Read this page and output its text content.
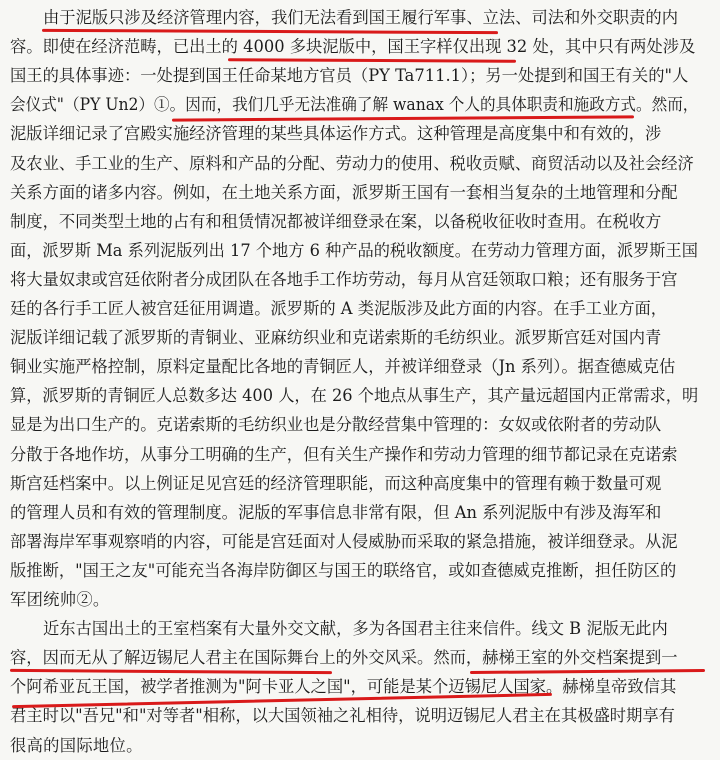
由于泥版只涉及经济管理内容，我们无法看到国王履行军事、立法、司法和外交职责的内
容。即使在经济范畴，已出土的 4000 多块泥版中，国王字样仅出现 32 处，其中只有两处涉及
国王的具体事迹：一处提到国王任命某地方官员（PY Ta711.1）；另一处提到和国王有关的"人
会仪式"（PY Un2）①。因而，我们几乎无法准确了解 wanax 个人的具体职责和施政方式。然而，
泥版详细记录了宫殿实施经济管理的某些具体运作方式。这种管理是高度集中和有效的，涉
及农业、手工业的生产、原料和产品的分配、劳动力的使用、税收贡赋、商贸活动以及社会经济
关系方面的诸多内容。例如，在土地关系方面，派罗斯王国有一套相当复杂的土地管理和分配
制度，不同类型土地的占有和租赁情况都被详细登录在案，以备税收征收时查用。在税收方
面，派罗斯 Ma 系列泥版列出 17 个地方 6 种产品的税收额度。在劳动力管理方面，派罗斯王国
将大量奴隶或宫廷依附者分成团队在各地手工作坊劳动，每月从宫廷领取口粮；还有服务于宫
廷的各行手工匠人被宫廷征用调遣。派罗斯的 A 类泥版涉及此方面的内容。在手工业方面，
泥版详细记载了派罗斯的青铜业、亚麻纺织业和克诺索斯的毛纺织业。派罗斯宫廷对国内青
铜业实施严格控制，原料定量配比各地的青铜匠人，并被详细登录（Jn 系列）。据查德威克估
算，派罗斯的青铜匠人总数多达 400 人，在 26 个地点从事生产，其产量远超国内正常需求，明
显是为出口生产的。克诺索斯的毛纺织业也是分散经营集中管理的：女奴或依附者的劳动队
分散于各地作坊，从事分工明确的生产，但有关生产操作和劳动力管理的细节都记录在克诺索
斯宫廷档案中。以上例证足见宫廷的经济管理职能，而这种高度集中的管理有赖于数量可观
的管理人员和有效的管理制度。泥版的军事信息非常有限，但 An 系列泥版中有涉及海军和
部署海岸军事观察哨的内容，可能是宫廷面对人侵威胁而采取的紧急措施，被详细登录。从泥
版推断，"国王之友"可能充当各海岸防御区与国王的联络官，或如查德威克推断，担任防区的
军团统帅②。
近东古国出土的王室档案有大量外交文献，多为各国君主往来信件。线文 B 泥版无此内
容，因而无从了解迈锡尼人君主在国际舞台上的外交风采。然而，赫梯王室的外交档案提到一
个阿希亚瓦王国，被学者推测为"阿卡亚人之国"，可能是某个迈锡尼人国家。赫梯皇帝致信其
君主时以"吾兄"和"对等者"相称，以大国领袖之礼相待，说明迈锡尼人君主在其极盛时期享有
很高的国际地位。
